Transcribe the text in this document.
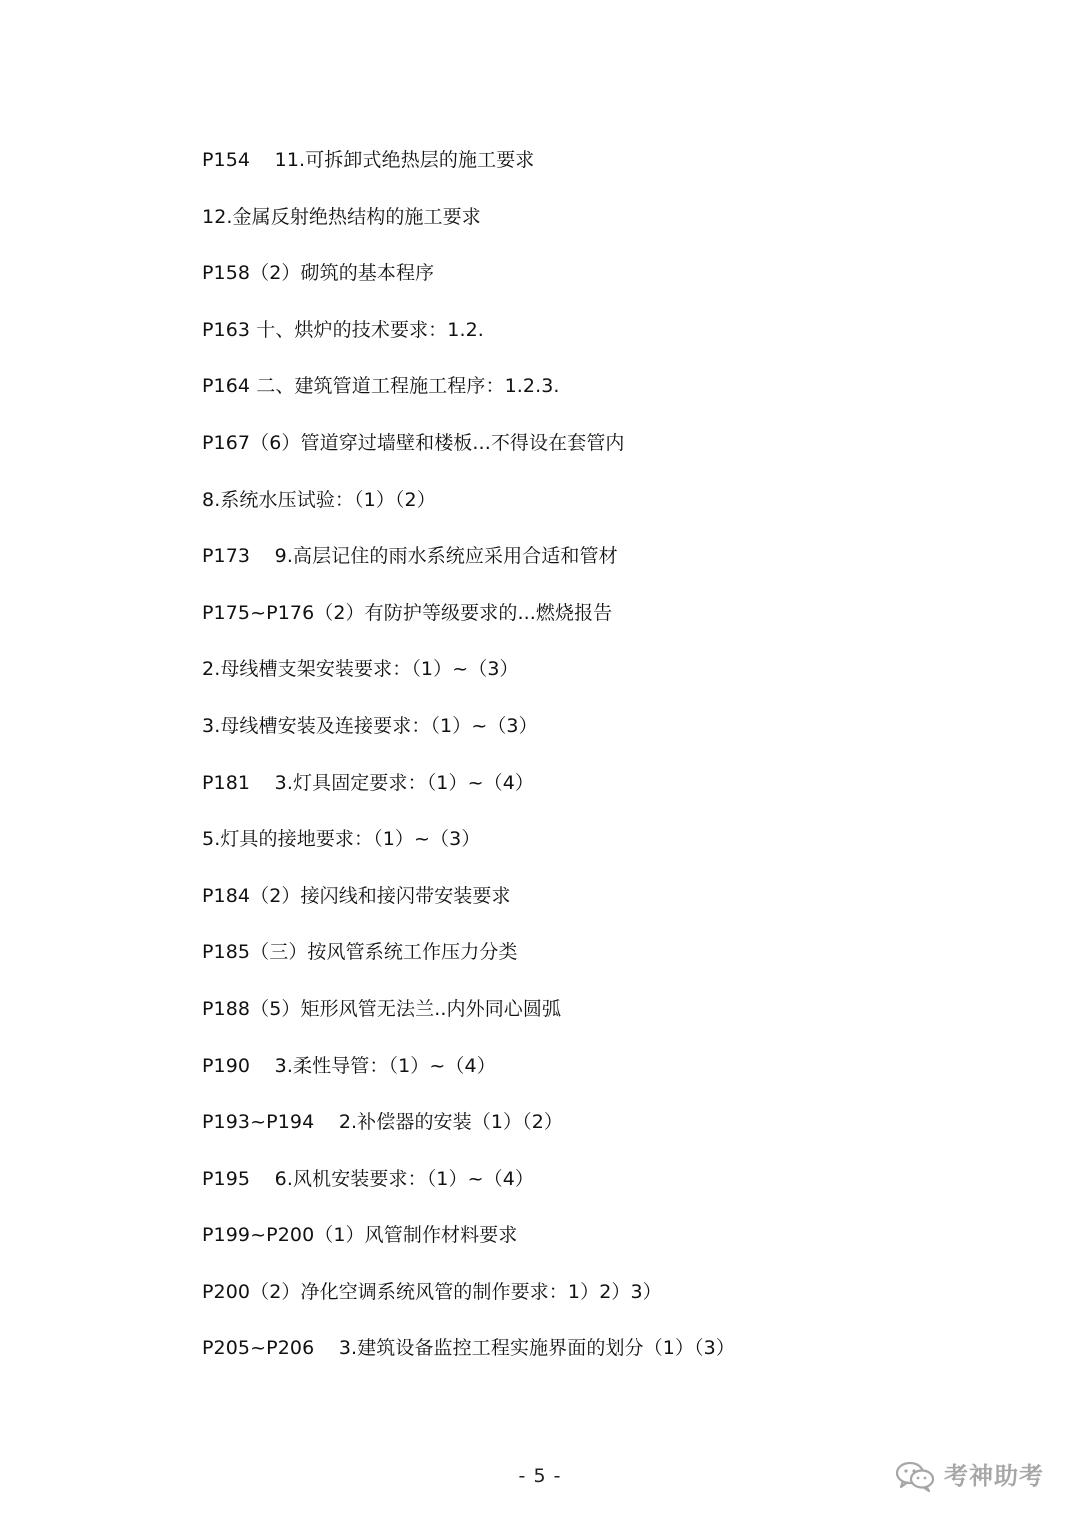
P154    11.可拆卸式绝热层的施工要求
12.金属反射绝热结构的施工要求
P158（2）砌筑的基本程序
P163 十、烘炉的技术要求：1.2.
P164 二、建筑管道工程施工程序：1.2.3.
P167（6）管道穿过墙壁和楼板...不得设在套管内
8.系统水压试验：（1）（2）
P173    9.高层记住的雨水系统应采用合适和管材
P175~P176（2）有防护等级要求的...燃烧报告
2.母线槽支架安装要求：（1）~（3）
3.母线槽安装及连接要求：（1）~（3）
P181    3.灯具固定要求：（1）~（4）
5.灯具的接地要求：（1）~（3）
P184（2）接闪线和接闪带安装要求
P185（三）按风管系统工作压力分类
P188（5）矩形风管无法兰..内外同心圆弧
P190    3.柔性导管：（1）~（4）
P193~P194    2.补偿器的安装（1）（2）
P195    6.风机安装要求：（1）~（4）
P199~P200（1）风管制作材料要求
P200（2）净化空调系统风管的制作要求：1）2）3）
P205~P206    3.建筑设备监控工程实施界面的划分（1）（3）
- 5 -	考神助考
